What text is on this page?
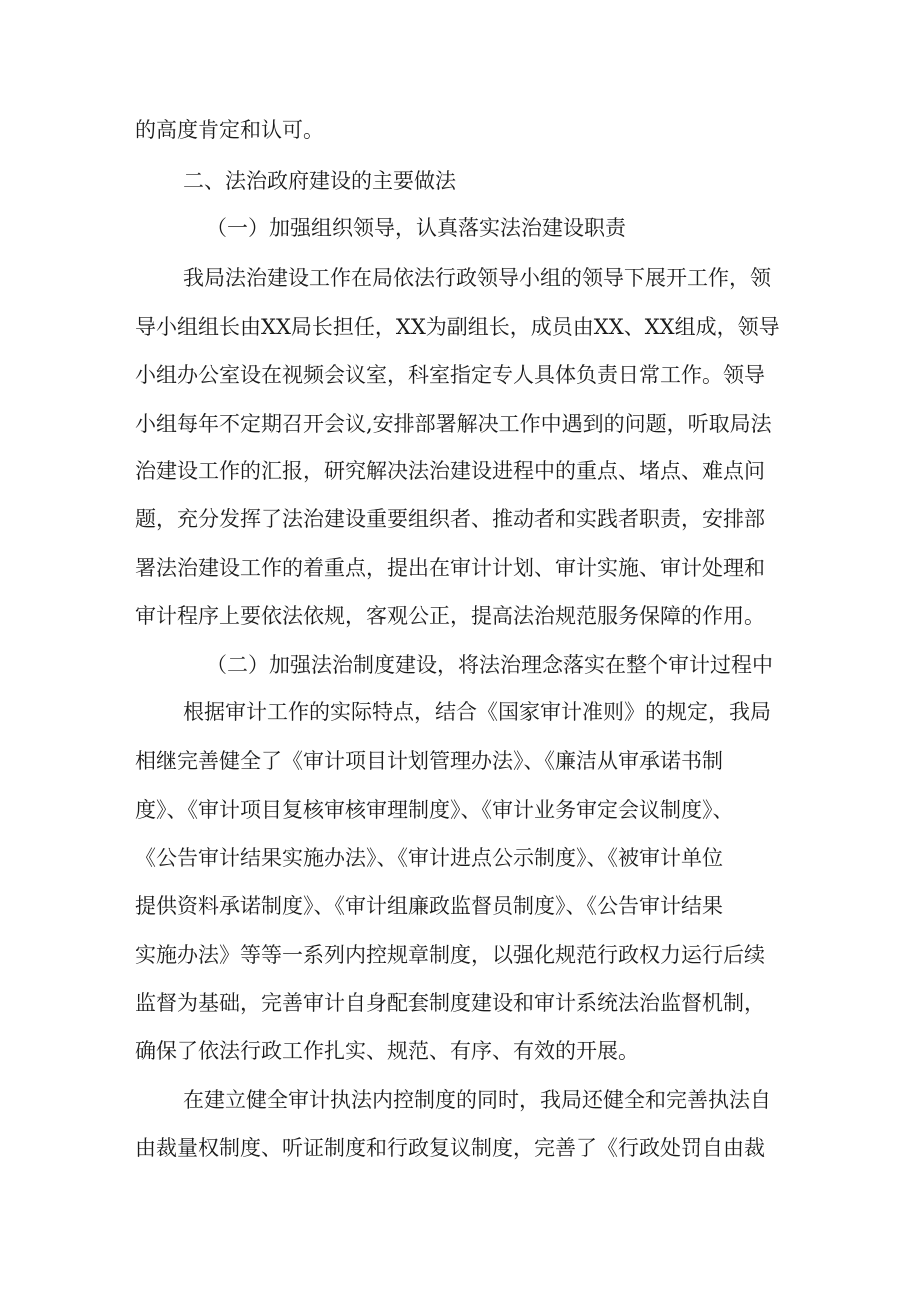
的高度肯定和认可。
二、法治政府建设的主要做法
（一）加强组织领导，认真落实法治建设职责
我局法治建设工作在局依法行政领导小组的领导下展开工作，领
导小组组长由XX局长担任，XX为副组长，成员由XX、XX组成，领导
小组办公室设在视频会议室，科室指定专人具体负责日常工作。领导
小组每年不定期召开会议,安排部署解决工作中遇到的问题，听取局法
治建设工作的汇报，研究解决法治建设进程中的重点、堵点、难点问
题，充分发挥了法治建设重要组织者、推动者和实践者职责，安排部
署法治建设工作的着重点，提出在审计计划、审计实施、审计处理和
审计程序上要依法依规，客观公正，提高法治规范服务保障的作用。
（二）加强法治制度建设，将法治理念落实在整个审计过程中
根据审计工作的实际特点，结合《国家审计准则》的规定，我局
相继完善健全了《审计项目计划管理办法》、《廉洁从审承诺书制
度》、《审计项目复核审核审理制度》、《审计业务审定会议制度》、
《公告审计结果实施办法》、《审计进点公示制度》、《被审计单位
提供资料承诺制度》、《审计组廉政监督员制度》、《公告审计结果
实施办法》等等一系列内控规章制度，以强化规范行政权力运行后续
监督为基础，完善审计自身配套制度建设和审计系统法治监督机制，
确保了依法行政工作扎实、规范、有序、有效的开展。
在建立健全审计执法内控制度的同时，我局还健全和完善执法自
由裁量权制度、听证制度和行政复议制度，完善了《行政处罚自由裁
